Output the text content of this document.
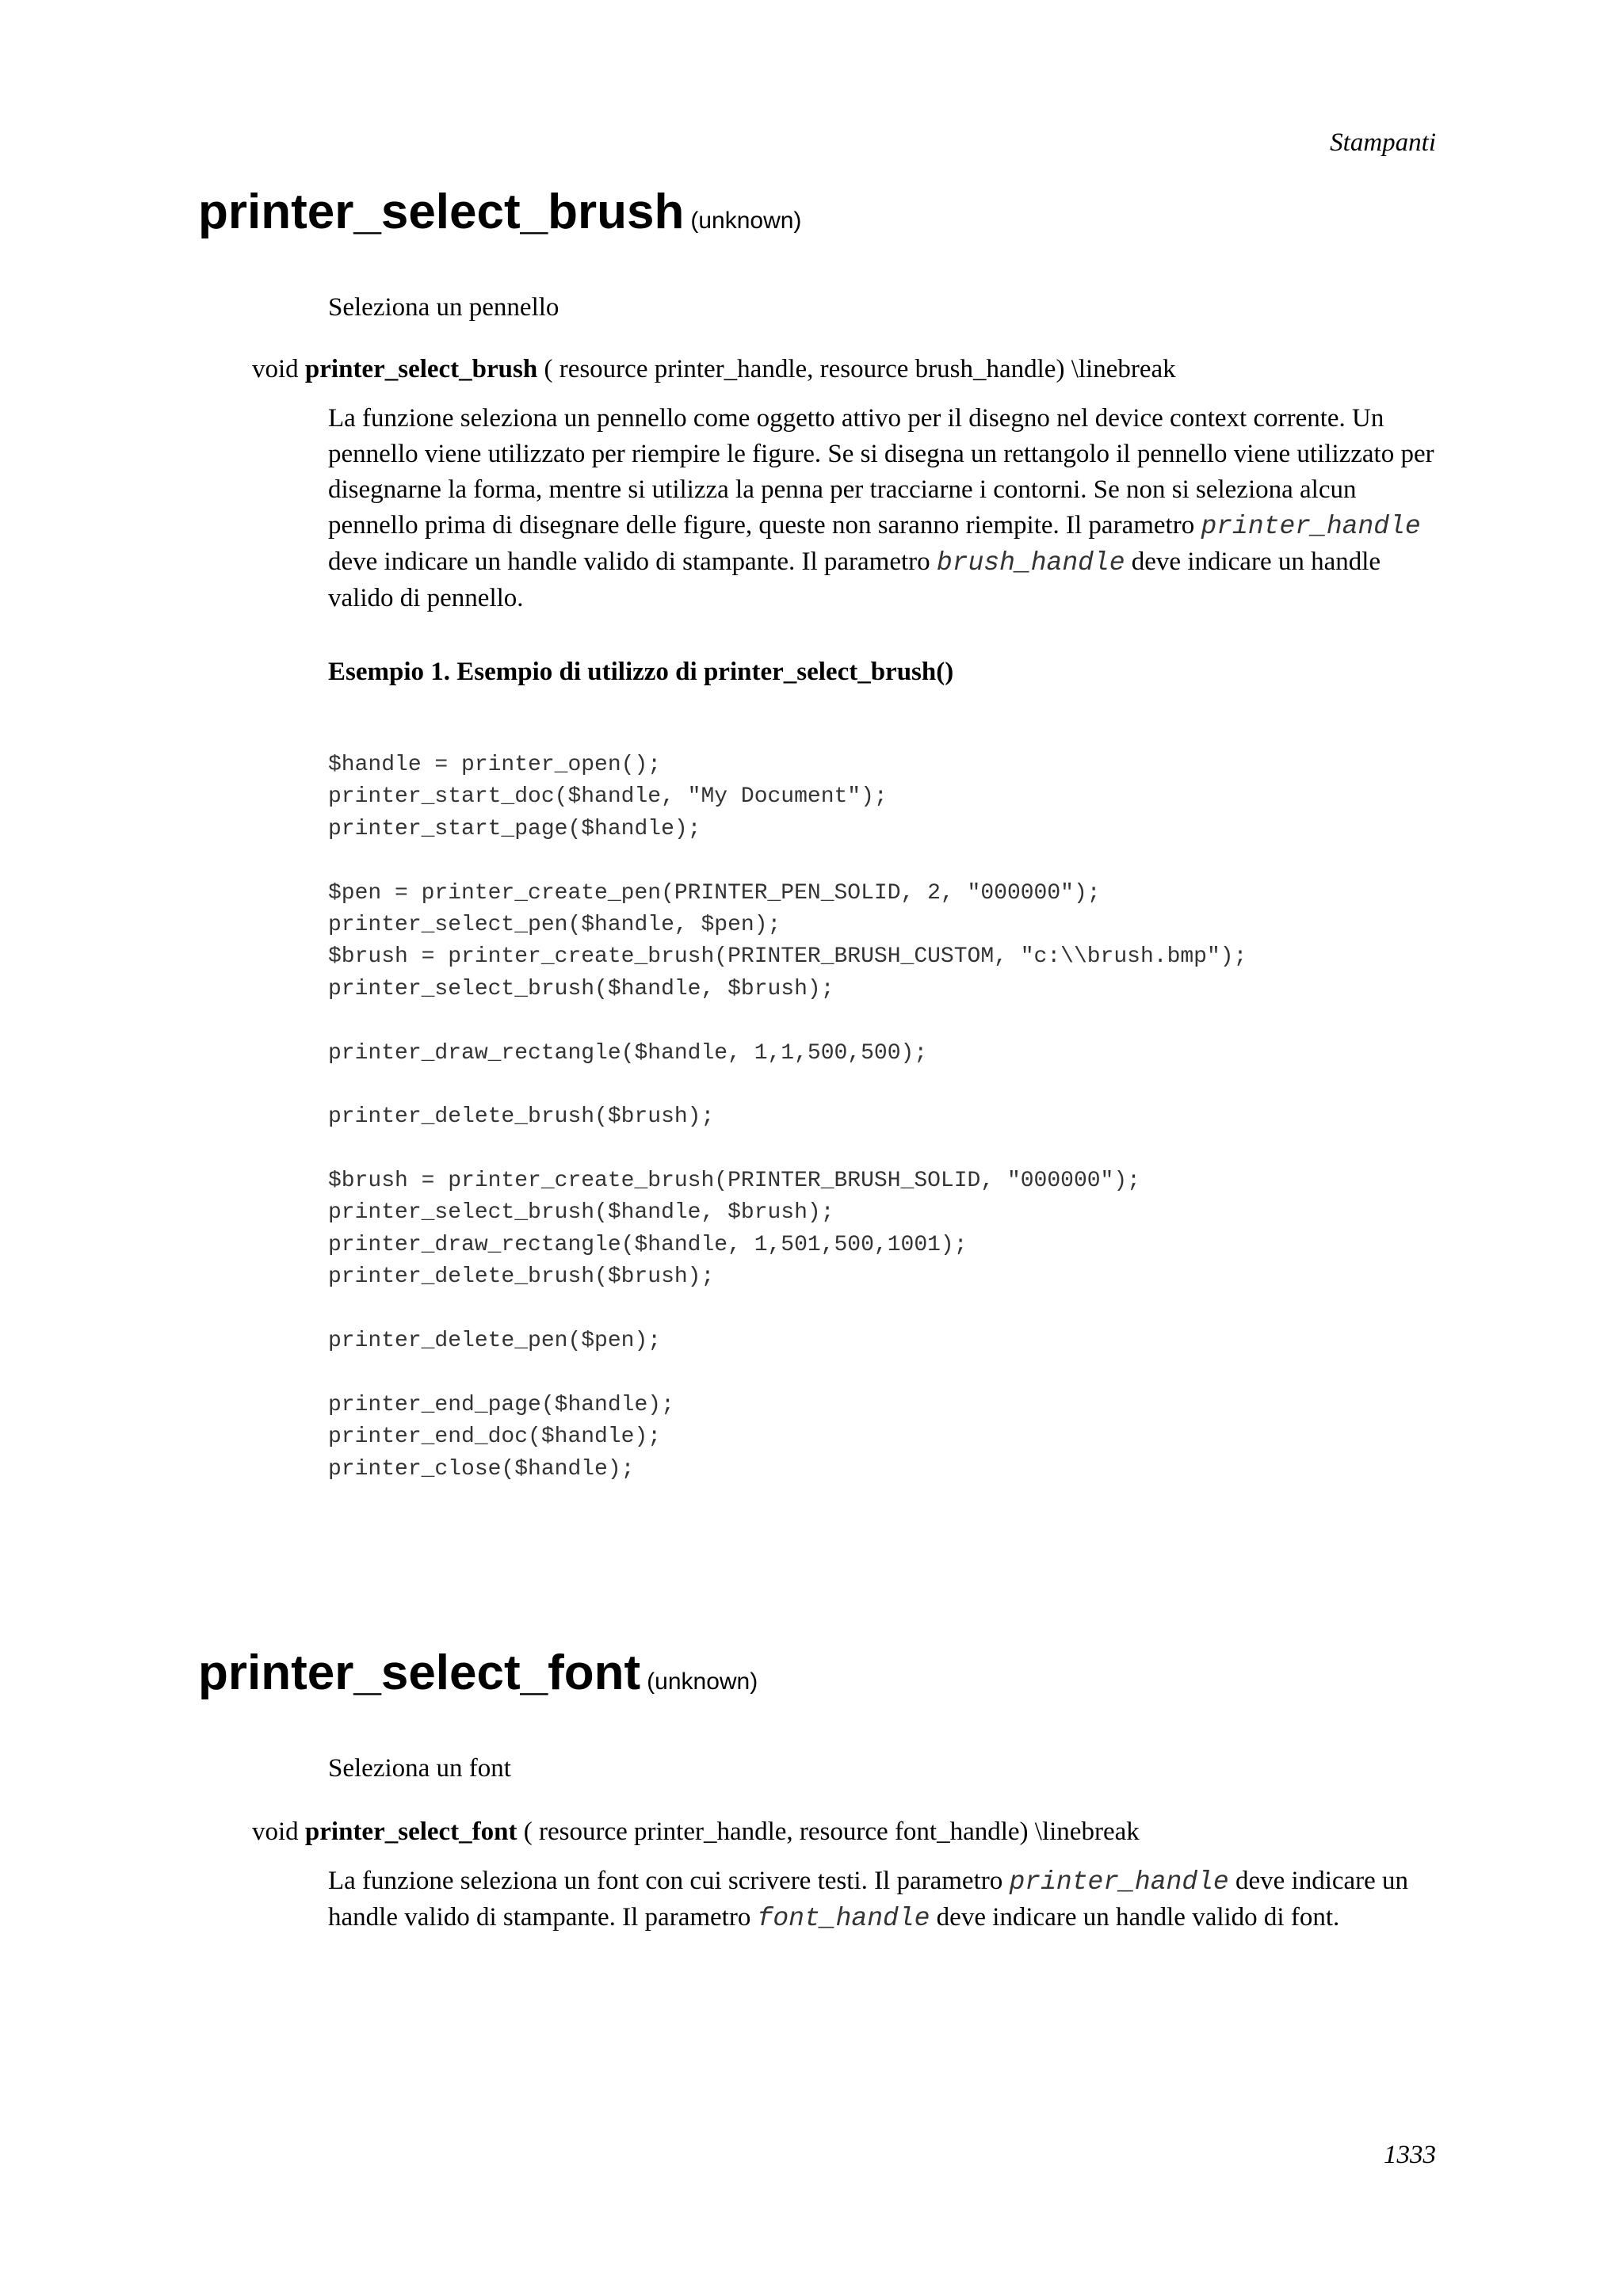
Stampanti
printer_select_brush (unknown)
Seleziona un pennello
void printer_select_brush ( resource printer_handle, resource brush_handle) \linebreak

La funzione seleziona un pennello come oggetto attivo per il disegno nel device context corrente. Un pennello viene utilizzato per riempire le figure. Se si disegna un rettangolo il pennello viene utilizzato per disegnarne la forma, mentre si utilizza la penna per tracciarne i contorni. Se non si seleziona alcun pennello prima di disegnare delle figure, queste non saranno riempite. Il parametro printer_handle deve indicare un handle valido di stampante. Il parametro brush_handle deve indicare un handle valido di pennello.

Esempio 1. Esempio di utilizzo di printer_select_brush()
$handle = printer_open();
printer_start_doc($handle, "My Document");
printer_start_page($handle);
$pen = printer_create_pen(PRINTER_PEN_SOLID, 2, "000000");
printer_select_pen($handle, $pen);
$brush = printer_create_brush(PRINTER_BRUSH_CUSTOM, "c:\\brush.bmp");
printer_select_brush($handle, $brush);
printer_draw_rectangle($handle, 1,1,500,500);
printer_delete_brush($brush);
$brush = printer_create_brush(PRINTER_BRUSH_SOLID, "000000");
printer_select_brush($handle, $brush);
printer_draw_rectangle($handle, 1,501,500,1001);
printer_delete_brush($brush);
printer_delete_pen($pen);
printer_end_page($handle);
printer_end_doc($handle);
printer_close($handle);
printer_select_font (unknown)
Seleziona un font
void printer_select_font ( resource printer_handle, resource font_handle) \linebreak

La funzione seleziona un font con cui scrivere testi. Il parametro printer_handle deve indicare un handle valido di stampante. Il parametro font_handle deve indicare un handle valido di font.

1333
